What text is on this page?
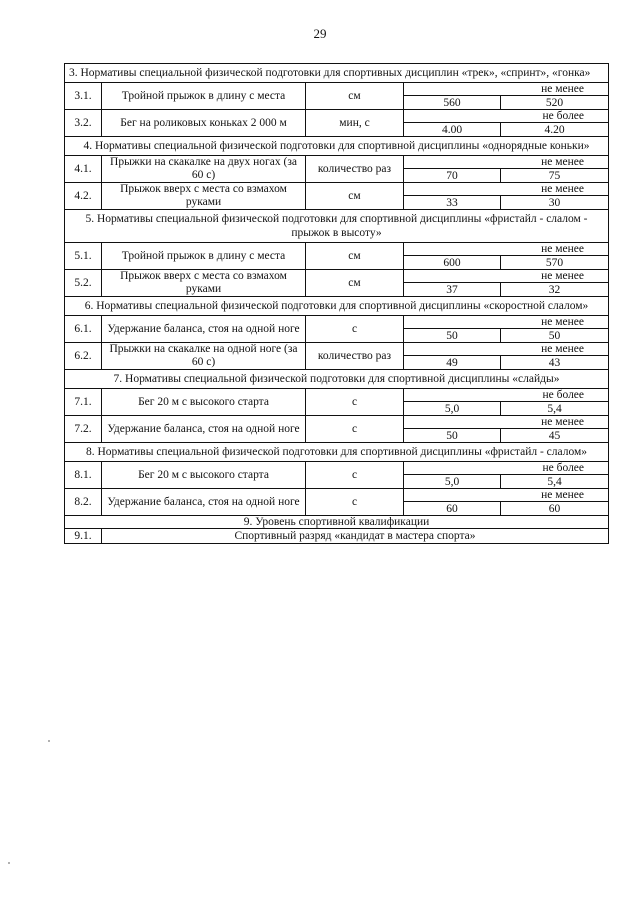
29
3. Нормативы специальной физической подготовки для спортивных дисциплин «трек», «спринт», «гонка»				
3.1.	Тройной прыжок в длину с места	см	не менее	
			560	520
3.2.	Бег на роликовых коньках 2 000 м	мин, с	не более	
			4.00	4.20
4. Нормативы специальной физической подготовки для спортивной дисциплины «однорядные коньки»				
4.1.	Прыжки на скакалке на двух ногах (за 60 с)	количество раз	не менее	
			70	75
4.2.	Прыжок вверх с места со взмахом руками	см	не менее	
			33	30
5. Нормативы специальной физической подготовки для спортивной дисциплины «фристайл - слалом - прыжок в высоту»				
5.1.	Тройной прыжок в длину с места	см	не менее	
			600	570
5.2.	Прыжок вверх с места со взмахом руками	см	не менее	
			37	32
6. Нормативы специальной физической подготовки для спортивной дисциплины «скоростной слалом»				
6.1.	Удержание баланса, стоя на одной ноге	с	не менее	
			50	50
6.2.	Прыжки на скакалке на одной ноге (за 60 с)	количество раз	не менее	
			49	43
7. Нормативы специальной физической подготовки для спортивной дисциплины «слайды»				
7.1.	Бег 20 м с высокого старта	с	не более	
			5,0	5,4
7.2.	Удержание баланса, стоя на одной ноге	с	не менее	
			50	45
8. Нормативы специальной физической подготовки для спортивной дисциплины «фристайл - слалом»				
8.1.	Бег 20 м с высокого старта	с	не более	
			5,0	5,4
8.2.	Удержание баланса, стоя на одной ноге	с	не менее	
			60	60
9. Уровень спортивной квалификации				
9.1.	Спортивный разряд «кандидат в мастера спорта»			
